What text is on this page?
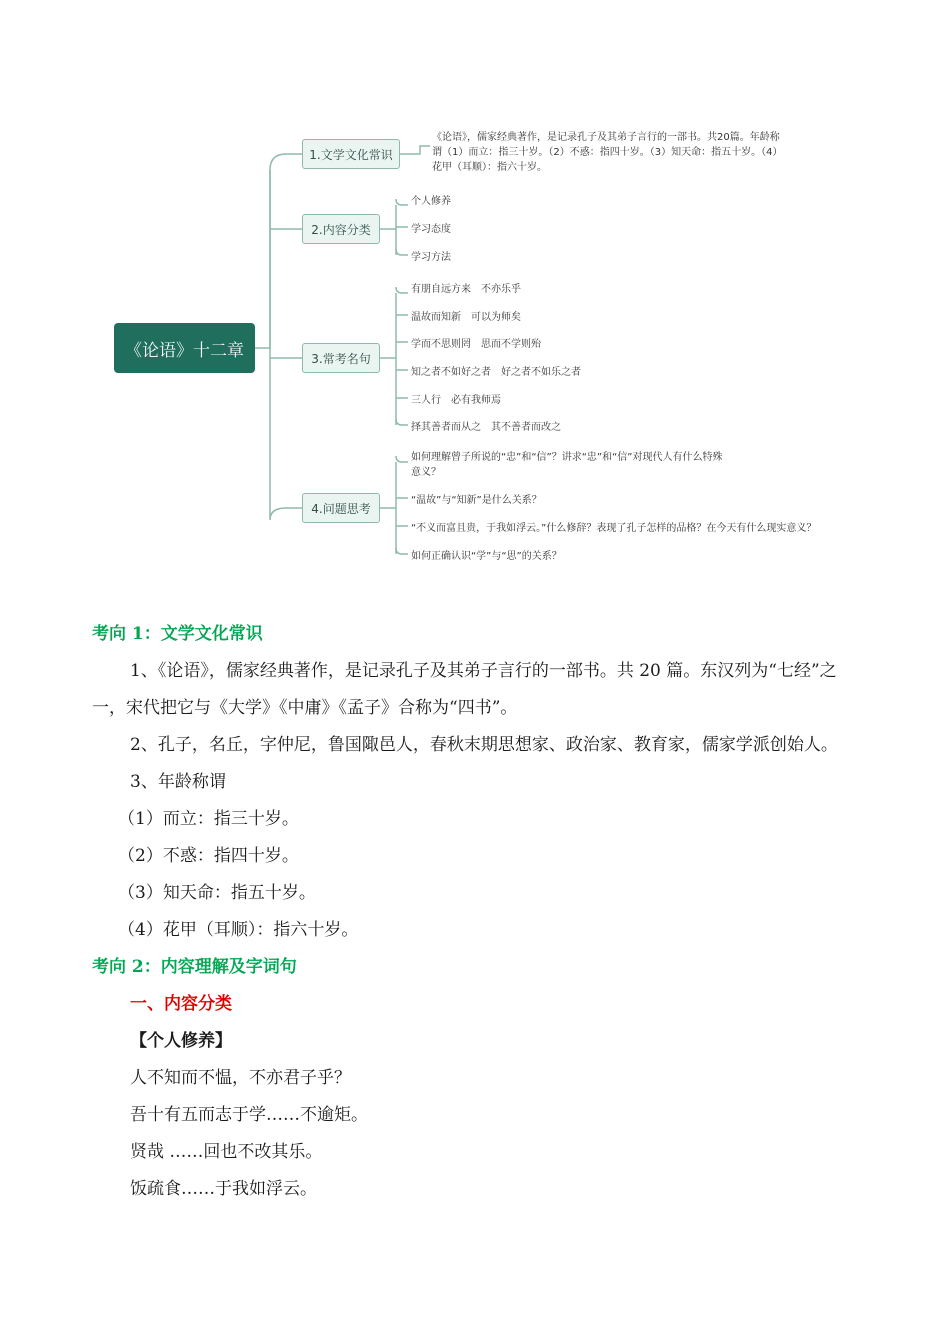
《论语》十二章
1.文学文化常识
《论语》，儒家经典著作，是记录孔子及其弟子言行的一部书。共20篇。年龄称谓（1）而立：指三十岁。（2）不惑：指四十岁。（3）知天命：指五十岁。（4）花甲（耳顺）：指六十岁。
2.内容分类
个人修养
学习态度
学习方法
3.常考名句
有朋自远方来　不亦乐乎
温故而知新　可以为师矣
学而不思则罔　思而不学则殆
知之者不如好之者　好之者不如乐之者
三人行　必有我师焉
择其善者而从之　其不善者而改之
4.问题思考
如何理解曾子所说的“忠”和“信”？讲求“忠”和“信”对现代人有什么特殊意义？
“温故”与“知新”是什么关系？
“不义而富且贵，于我如浮云。”什么修辞？表现了孔子怎样的品格？在今天有什么现实意义？
如何正确认识“学”与“思”的关系？
考向 1：文学文化常识
1、《论语》，儒家经典著作，是记录孔子及其弟子言行的一部书。共 20 篇。东汉列为“七经”之一，宋代把它与《大学》《中庸》《孟子》合称为“四书”。
2、孔子，名丘，字仲尼，鲁国陬邑人，春秋末期思想家、政治家、教育家，儒家学派创始人。
3、年龄称谓
（1）而立：指三十岁。
（2）不惑：指四十岁。
（3）知天命：指五十岁。
（4）花甲（耳顺）：指六十岁。
考向 2：内容理解及字词句
一、内容分类
【个人修养】
人不知而不愠，不亦君子乎？
吾十有五而志于学……不逾矩。
贤哉 ……回也不改其乐。
饭疏食……于我如浮云。
